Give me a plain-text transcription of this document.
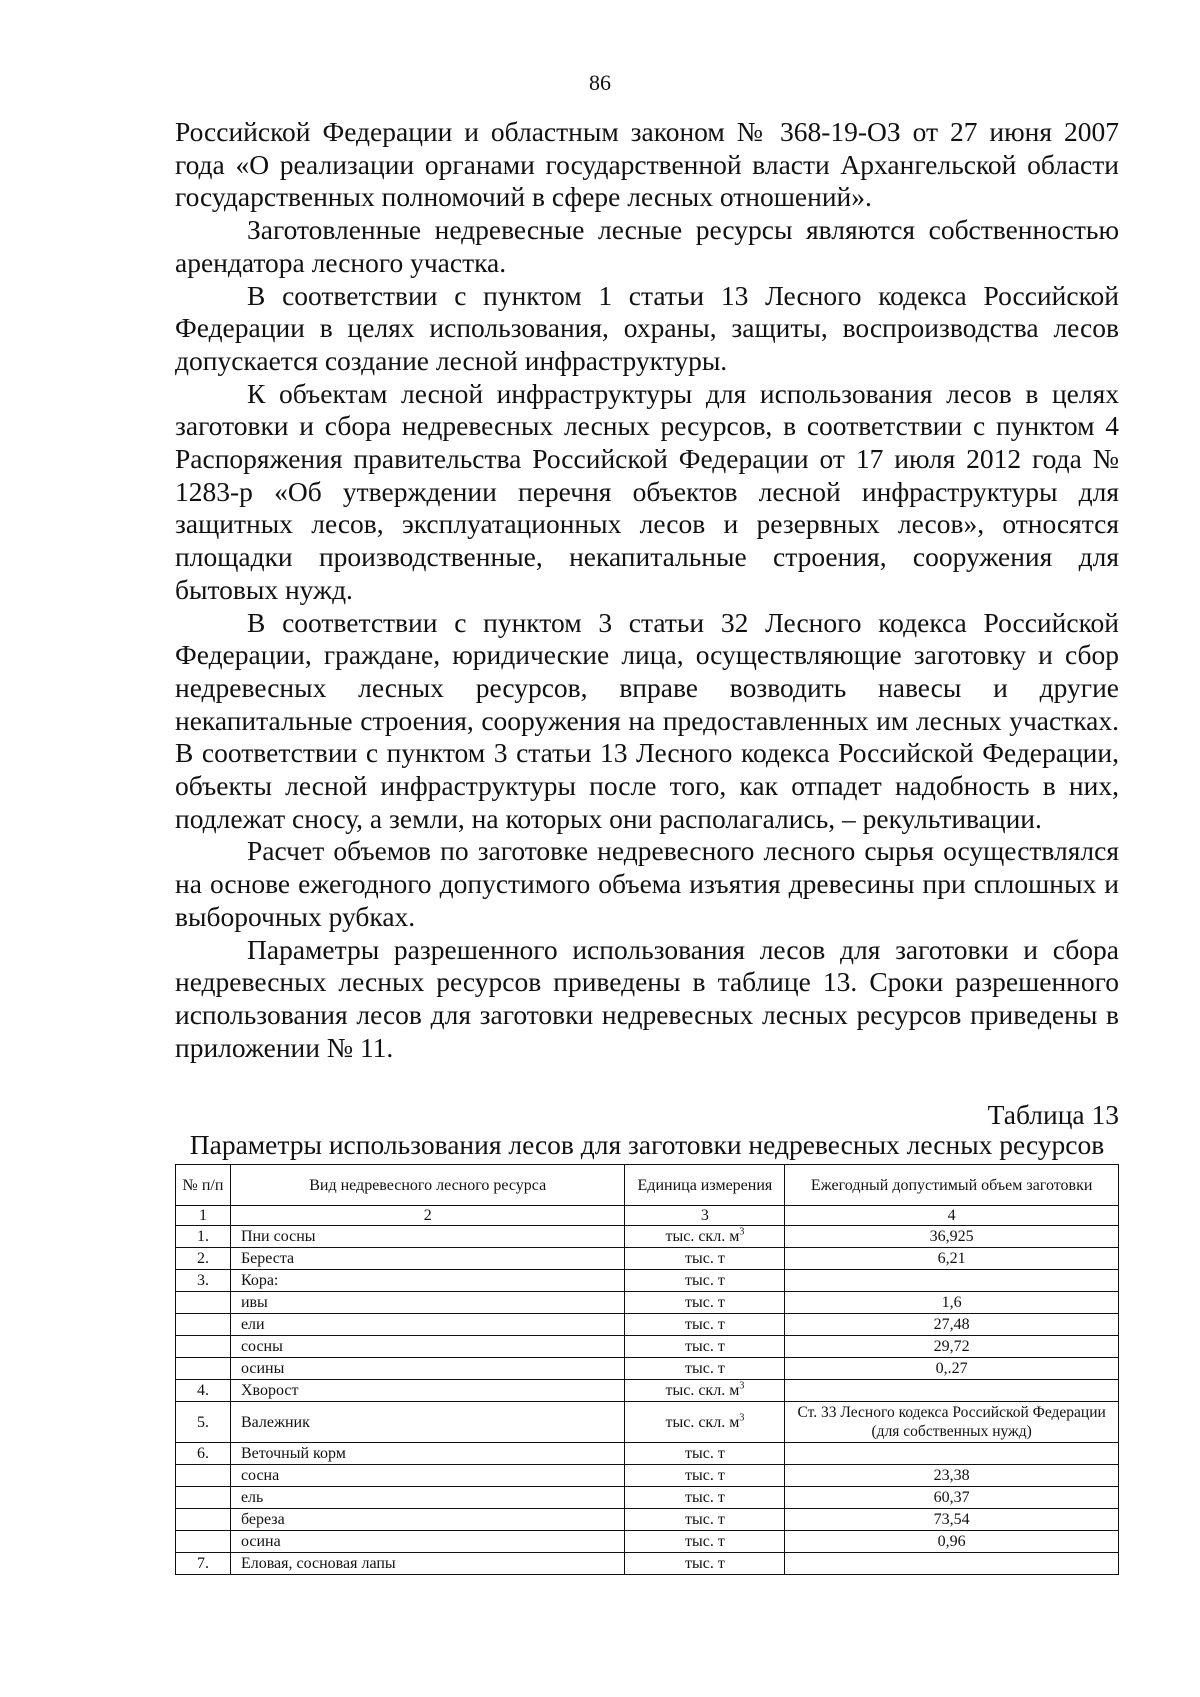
86

Российской Федерации и областным законом № 368-19-ОЗ от 27 июня 2007 года «О реализации органами государственной власти Архангельской области государственных полномочий в сфере лесных отношений».

Заготовленные недревесные лесные ресурсы являются собственностью арендатора лесного участка.

В соответствии с пунктом 1 статьи 13 Лесного кодекса Российской Федерации в целях использования, охраны, защиты, воспроизводства лесов допускается создание лесной инфраструктуры.

К объектам лесной инфраструктуры для использования лесов в целях заготовки и сбора недревесных лесных ресурсов, в соответствии с пунктом 4 Распоряжения правительства Российской Федерации от 17 июля 2012 года № 1283-р «Об утверждении перечня объектов лесной инфраструктуры для защитных лесов, эксплуатационных лесов и резервных лесов», относятся площадки производственные, некапитальные строения, сооружения для бытовых нужд.

В соответствии с пунктом 3 статьи 32 Лесного кодекса Российской Федерации, граждане, юридические лица, осуществляющие заготовку и сбор недревесных лесных ресурсов, вправе возводить навесы и другие некапитальные строения, сооружения на предоставленных им лесных участках. В соответствии с пунктом 3 статьи 13 Лесного кодекса Российской Федерации, объекты лесной инфраструктуры после того, как отпадет надобность в них, подлежат сносу, а земли, на которых они располагались, – рекультивации.

Расчет объемов по заготовке недревесного лесного сырья осуществлялся на основе ежегодного допустимого объема изъятия древесины при сплошных и выборочных рубках.

Параметры разрешенного использования лесов для заготовки и сбора недревесных лесных ресурсов приведены в таблице 13. Сроки разрешенного использования лесов для заготовки недревесных лесных ресурсов приведены в приложении № 11.

Таблица 13
Параметры использования лесов для заготовки недревесных лесных ресурсов
№ п/п	Вид недревесного лесного ресурса	Единица измерения	Ежегодный допустимый объем заготовки
1	2	3	4
1.	Пни сосны	тыс. скл. $м^3$	36,925
2.	Береста	тыс. т	6,21
3.	Кора:	тыс. т	
	ивы	тыс. т	1,6
	ели	тыс. т	27,48
	сосны	тыс. т	29,72
	осины	тыс. т	0,.27
4.	Хворост	тыс. скл. $м^3$	
5.	Валежник	тыс. скл. $м^3$	Ст. 33 Лесного кодекса Российской Федерации (для собственных нужд)
6.	Веточный корм	тыс. т	
	сосна	тыс. т	23,38
	ель	тыс. т	60,37
	береза	тыс. т	73,54
	осина	тыс. т	0,96
7.	Еловая, сосновая лапы	тыс. т	
